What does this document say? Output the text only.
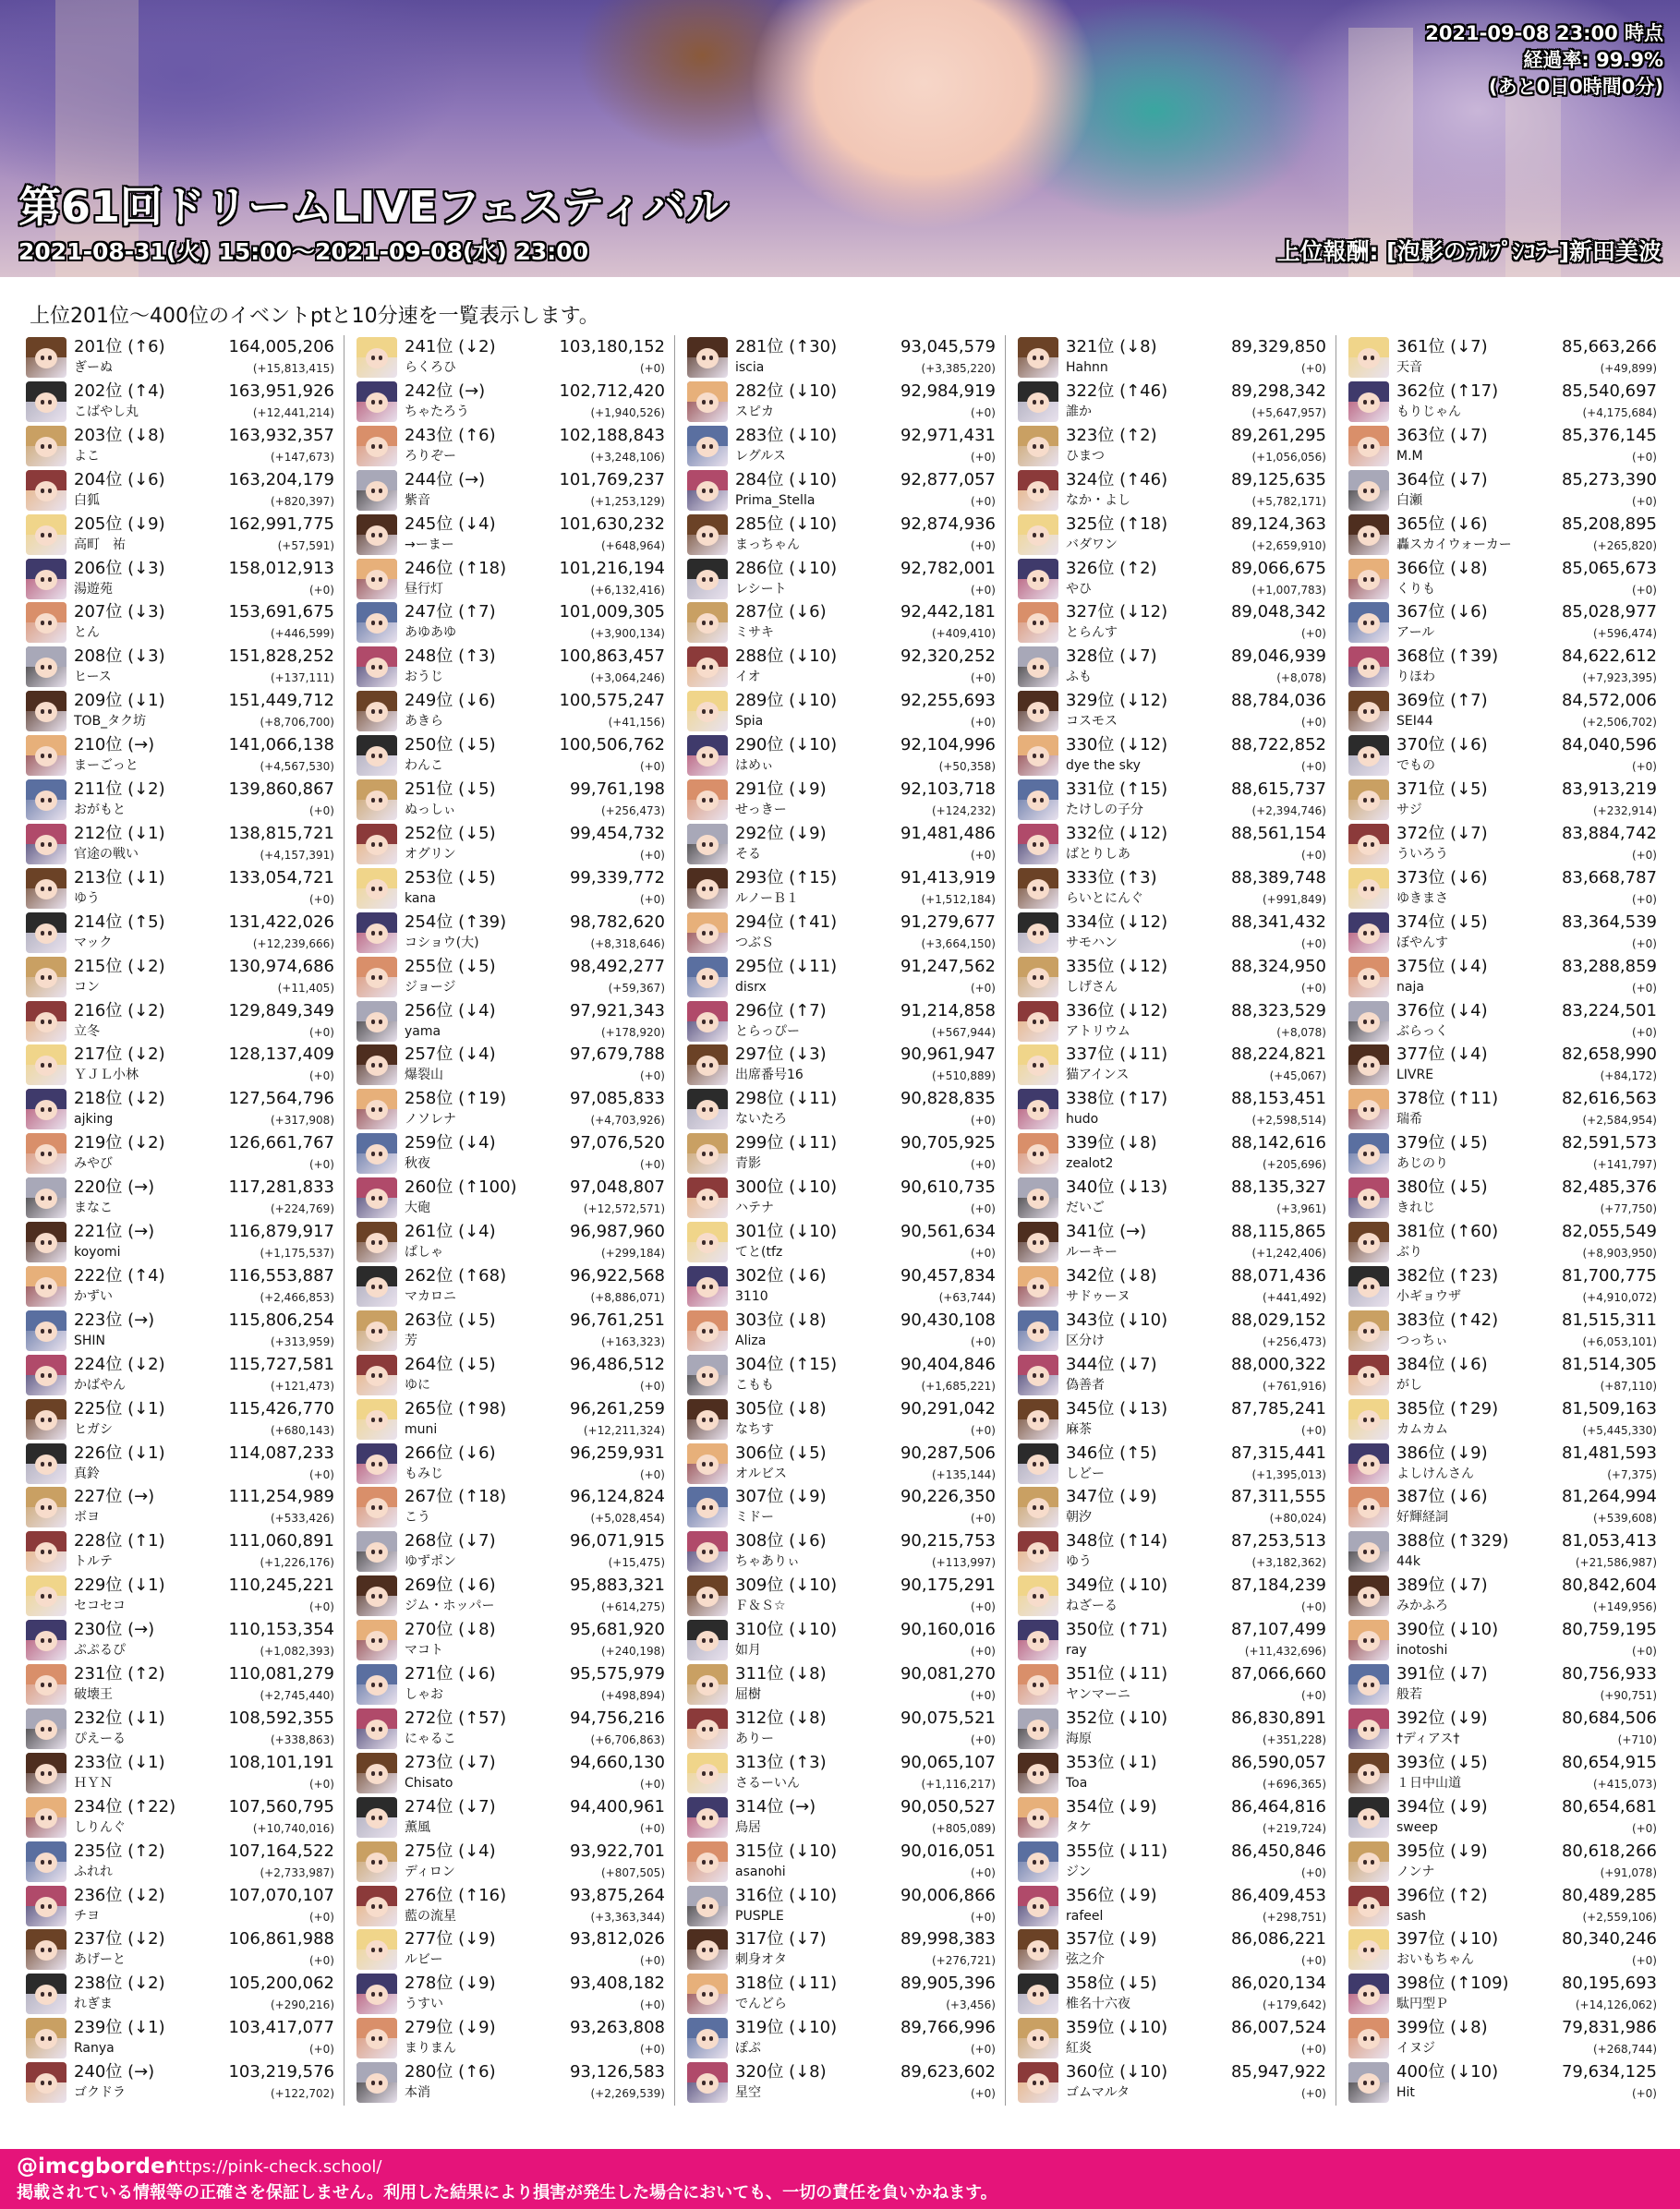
2021-09-08 23:00 時点
経過率: 99.9%
(あと0日0時間0分)
第61回ドリームLIVEフェスティバル
2021-08-31(火) 15:00～2021-09-08(水) 23:00	上位報酬: [泡影のﾃﾙﾌﾟｼｺﾗｰ]新田美波
上位201位～400位のイベントptと10分速を一覧表示します。
201位 (↑6)	164,005,206
ぎーぬ	(+15,813,415)
202位 (↑4)	163,951,926
こばやし丸	(+12,441,214)
203位 (↓8)	163,932,357
よこ	(+147,673)
204位 (↓6)	163,204,179
白狐	(+820,397)
205位 (↓9)	162,991,775
高町　祐	(+57,591)
206位 (↓3)	158,012,913
湯遊苑	(+0)
207位 (↓3)	153,691,675
とん	(+446,599)
208位 (↓3)	151,828,252
ヒース	(+137,111)
209位 (↓1)	151,449,712
TOB_タク坊	(+8,706,700)
210位 (→)	141,066,138
まーごっと	(+4,567,530)
211位 (↓2)	139,860,867
おがもと	(+0)
212位 (↓1)	138,815,721
官途の戦い	(+4,157,391)
213位 (↓1)	133,054,721
ゆう	(+0)
214位 (↑5)	131,422,026
マック	(+12,239,666)
215位 (↓2)	130,974,686
コン	(+11,405)
216位 (↓2)	129,849,349
立冬	(+0)
217位 (↓2)	128,137,409
ＹＪＬ小林	(+0)
218位 (↓2)	127,564,796
ajking	(+317,908)
219位 (↓2)	126,661,767
みやび	(+0)
220位 (→)	117,281,833
まなこ	(+224,769)
221位 (→)	116,879,917
koyomi	(+1,175,537)
222位 (↑4)	116,553,887
かずい	(+2,466,853)
223位 (→)	115,806,254
SHIN	(+313,959)
224位 (↓2)	115,727,581
かばやん	(+121,473)
225位 (↓1)	115,426,770
ヒガシ	(+680,143)
226位 (↓1)	114,087,233
真鈴	(+0)
227位 (→)	111,254,989
ボヨ	(+533,426)
228位 (↑1)	111,060,891
トルテ	(+1,226,176)
229位 (↓1)	110,245,221
セコセコ	(+0)
230位 (→)	110,153,354
ぷぷるぴ	(+1,082,393)
231位 (↑2)	110,081,279
破壊王	(+2,745,440)
232位 (↓1)	108,592,355
ぴえーる	(+338,863)
233位 (↓1)	108,101,191
ＨＹＮ	(+0)
234位 (↑22)	107,560,795
しりんぐ	(+10,740,016)
235位 (↑2)	107,164,522
ふれれ	(+2,733,987)
236位 (↓2)	107,070,107
チヨ	(+0)
237位 (↓2)	106,861,988
あげーと	(+0)
238位 (↓2)	105,200,062
れぎま	(+290,216)
239位 (↓1)	103,417,077
Ranya	(+0)
240位 (→)	103,219,576
ゴクドラ	(+122,702)
241位 (↓2)	103,180,152
らくろひ	(+0)
242位 (→)	102,712,420
ちゃたろう	(+1,940,526)
243位 (↑6)	102,188,843
ろりぞー	(+3,248,106)
244位 (→)	101,769,237
紫音	(+1,253,129)
245位 (↓4)	101,630,232
→ーまー	(+648,964)
246位 (↑18)	101,216,194
昼行灯	(+6,132,416)
247位 (↑7)	101,009,305
あゆあゆ	(+3,900,134)
248位 (↑3)	100,863,457
おうじ	(+3,064,246)
249位 (↓6)	100,575,247
あきら	(+41,156)
250位 (↓5)	100,506,762
わんこ	(+0)
251位 (↓5)	99,761,198
ぬっしぃ	(+256,473)
252位 (↓5)	99,454,732
オグリン	(+0)
253位 (↓5)	99,339,772
kana	(+0)
254位 (↑39)	98,782,620
コショウ(大)	(+8,318,646)
255位 (↓5)	98,492,277
ジョージ	(+59,367)
256位 (↓4)	97,921,343
yama	(+178,920)
257位 (↓4)	97,679,788
爆裂山	(+0)
258位 (↑19)	97,085,833
ノソレナ	(+4,703,926)
259位 (↓4)	97,076,520
秋夜	(+0)
260位 (↑100)	97,048,807
大砲	(+12,572,571)
261位 (↓4)	96,987,960
ぱしゃ	(+299,184)
262位 (↑68)	96,922,568
マカロニ	(+8,886,071)
263位 (↓5)	96,761,251
芳	(+163,323)
264位 (↓5)	96,486,512
ゆに	(+0)
265位 (↑98)	96,261,259
muni	(+12,211,324)
266位 (↓6)	96,259,931
もみじ	(+0)
267位 (↑18)	96,124,824
こう	(+5,028,454)
268位 (↓7)	96,071,915
ゆずポン	(+15,475)
269位 (↓6)	95,883,321
ジム・ホッパー	(+614,275)
270位 (↓8)	95,681,920
マコト	(+240,198)
271位 (↓6)	95,575,979
しゃお	(+498,894)
272位 (↑57)	94,756,216
にゃるこ	(+6,706,863)
273位 (↓7)	94,660,130
Chisato	(+0)
274位 (↓7)	94,400,961
薫風	(+0)
275位 (↓4)	93,922,701
ディロン	(+807,505)
276位 (↑16)	93,875,264
藍の流星	(+3,363,344)
277位 (↓9)	93,812,026
ルビー	(+0)
278位 (↓9)	93,408,182
うすい	(+0)
279位 (↓9)	93,263,808
まりまん	(+0)
280位 (↑6)	93,126,583
本消	(+2,269,539)
281位 (↑30)	93,045,579
iscia	(+3,385,220)
282位 (↓10)	92,984,919
スピカ	(+0)
283位 (↓10)	92,971,431
レグルス	(+0)
284位 (↓10)	92,877,057
Prima_Stella	(+0)
285位 (↓10)	92,874,936
まっちゃん	(+0)
286位 (↓10)	92,782,001
レシート	(+0)
287位 (↓6)	92,442,181
ミサキ	(+409,410)
288位 (↓10)	92,320,252
イオ	(+0)
289位 (↓10)	92,255,693
Spia	(+0)
290位 (↓10)	92,104,996
はめぃ	(+50,358)
291位 (↓9)	92,103,718
せっきー	(+124,232)
292位 (↓9)	91,481,486
そる	(+0)
293位 (↑15)	91,413,919
ルノーＢ１	(+1,512,184)
294位 (↑41)	91,279,677
つぶＳ	(+3,664,150)
295位 (↓11)	91,247,562
disrx	(+0)
296位 (↑7)	91,214,858
とらっぴー	(+567,944)
297位 (↓3)	90,961,947
出席番号16	(+510,889)
298位 (↓11)	90,828,835
ないたろ	(+0)
299位 (↓11)	90,705,925
青影	(+0)
300位 (↓10)	90,610,735
ハテナ	(+0)
301位 (↓10)	90,561,634
てと(tfz	(+0)
302位 (↓6)	90,457,834
3110	(+63,744)
303位 (↓8)	90,430,108
Aliza	(+0)
304位 (↑15)	90,404,846
こもも	(+1,685,221)
305位 (↓8)	90,291,042
なちす	(+0)
306位 (↓5)	90,287,506
オルビス	(+135,144)
307位 (↓9)	90,226,350
ミドー	(+0)
308位 (↓6)	90,215,753
ちゃありぃ	(+113,997)
309位 (↓10)	90,175,291
Ｆ＆Ｓ☆	(+0)
310位 (↓10)	90,160,016
如月	(+0)
311位 (↓8)	90,081,270
屈樹	(+0)
312位 (↓8)	90,075,521
ありー	(+0)
313位 (↑3)	90,065,107
さるーいん	(+1,116,217)
314位 (→)	90,050,527
鳥居	(+805,089)
315位 (↓10)	90,016,051
asanohi	(+0)
316位 (↓10)	90,006,866
PUSPLE	(+0)
317位 (↓7)	89,998,383
刺身オタ	(+276,721)
318位 (↓11)	89,905,396
でんどら	(+3,456)
319位 (↓10)	89,766,996
ぽぷ	(+0)
320位 (↓8)	89,623,602
星空	(+0)
321位 (↓8)	89,329,850
Hahnn	(+0)
322位 (↑46)	89,298,342
誰か	(+5,647,957)
323位 (↑2)	89,261,295
ひまつ	(+1,056,056)
324位 (↑46)	89,125,635
なか・よし	(+5,782,171)
325位 (↑18)	89,124,363
バダワン	(+2,659,910)
326位 (↑2)	89,066,675
やひ	(+1,007,783)
327位 (↓12)	89,048,342
とらんす	(+0)
328位 (↓7)	89,046,939
ふも	(+8,078)
329位 (↓12)	88,784,036
コスモス	(+0)
330位 (↓12)	88,722,852
dye the sky	(+0)
331位 (↑15)	88,615,737
たけしの子分	(+2,394,746)
332位 (↓12)	88,561,154
ばとりしあ	(+0)
333位 (↑3)	88,389,748
らいとにんぐ	(+991,849)
334位 (↓12)	88,341,432
サモハン	(+0)
335位 (↓12)	88,324,950
しげさん	(+0)
336位 (↓12)	88,323,529
アトリウム	(+8,078)
337位 (↓11)	88,224,821
猫アインス	(+45,067)
338位 (↑17)	88,153,451
hudo	(+2,598,514)
339位 (↓8)	88,142,616
zealot2	(+205,696)
340位 (↓13)	88,135,327
だいご	(+3,961)
341位 (→)	88,115,865
ルーキー	(+1,242,406)
342位 (↓8)	88,071,436
サドゥーヌ	(+441,492)
343位 (↓10)	88,029,152
区分け	(+256,473)
344位 (↓7)	88,000,322
偽善者	(+761,916)
345位 (↓13)	87,785,241
麻茶	(+0)
346位 (↑5)	87,315,441
しどー	(+1,395,013)
347位 (↓9)	87,311,555
朝汐	(+80,024)
348位 (↑14)	87,253,513
ゆう	(+3,182,362)
349位 (↓10)	87,184,239
ねざーる	(+0)
350位 (↑71)	87,107,499
ray	(+11,432,696)
351位 (↓11)	87,066,660
ヤンマーニ	(+0)
352位 (↓10)	86,830,891
海原	(+351,228)
353位 (↓1)	86,590,057
Toa	(+696,365)
354位 (↓9)	86,464,816
タケ	(+219,724)
355位 (↓11)	86,450,846
ジン	(+0)
356位 (↓9)	86,409,453
rafeel	(+298,751)
357位 (↓9)	86,086,221
弦之介	(+0)
358位 (↓5)	86,020,134
椎名十六夜	(+179,642)
359位 (↓10)	86,007,524
紅炎	(+0)
360位 (↓10)	85,947,922
ゴムマルタ	(+0)
361位 (↓7)	85,663,266
天音	(+49,899)
362位 (↑17)	85,540,697
もりじゃん	(+4,175,684)
363位 (↓7)	85,376,145
M.M	(+0)
364位 (↓7)	85,273,390
白瀬	(+0)
365位 (↓6)	85,208,895
轟スカイウォーカー	(+265,820)
366位 (↓8)	85,065,673
くりも	(+0)
367位 (↓6)	85,028,977
アール	(+596,474)
368位 (↑39)	84,622,612
りほわ	(+7,923,395)
369位 (↑7)	84,572,006
SEI44	(+2,506,702)
370位 (↓6)	84,040,596
でもの	(+0)
371位 (↓5)	83,913,219
サジ	(+232,914)
372位 (↓7)	83,884,742
ういろう	(+0)
373位 (↓6)	83,668,787
ゆきまさ	(+0)
374位 (↓5)	83,364,539
ぼやんす	(+0)
375位 (↓4)	83,288,859
naja	(+0)
376位 (↓4)	83,224,501
ぶらっく	(+0)
377位 (↓4)	82,658,990
LIVRE	(+84,172)
378位 (↑11)	82,616,563
瑞希	(+2,584,954)
379位 (↓5)	82,591,573
あじのり	(+141,797)
380位 (↓5)	82,485,376
きれじ	(+77,750)
381位 (↑60)	82,055,549
ぶり	(+8,903,950)
382位 (↑23)	81,700,775
小ギョウザ	(+4,910,072)
383位 (↑42)	81,515,311
つっちぃ	(+6,053,101)
384位 (↓6)	81,514,305
がし	(+87,110)
385位 (↑29)	81,509,163
カムカム	(+5,445,330)
386位 (↓9)	81,481,593
よしけんさん	(+7,375)
387位 (↓6)	81,264,994
好輝経詞	(+539,608)
388位 (↑329)	81,053,413
44k	(+21,586,987)
389位 (↓7)	80,842,604
みかふろ	(+149,956)
390位 (↓10)	80,759,195
inotoshi	(+0)
391位 (↓7)	80,756,933
般若	(+90,751)
392位 (↓9)	80,684,506
†ディアス†	(+710)
393位 (↓5)	80,654,915
１日中山道	(+415,073)
394位 (↓9)	80,654,681
sweep	(+0)
395位 (↓9)	80,618,266
ノンナ	(+91,078)
396位 (↑2)	80,489,285
sash	(+2,559,106)
397位 (↓10)	80,340,246
おいもちゃん	(+0)
398位 (↑109)	80,195,693
駄円型Ｐ	(+14,126,062)
399位 (↓8)	79,831,986
イヌジ	(+268,744)
400位 (↓10)	79,634,125
Hit	(+0)
@imcgborder
https://pink-check.school/
掲載されている情報等の正確さを保証しません。利用した結果により損害が発生した場合においても、一切の責任を負いかねます。
